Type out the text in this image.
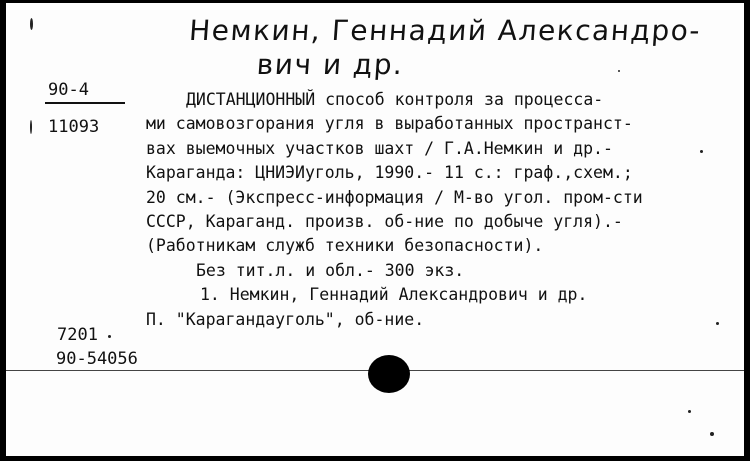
Немкин, Геннадий Александро-
вич и др.
90-4
11093
ДИСТАНЦИОННЫЙ способ контроля за процесса-
ми самовозгорания угля в выработанных пространст-
вах выемочных участков шахт / Г.А.Немкин и др.-
Караганда: ЦНИЭИуголь, 1990.- 11 с.: граф.,схем.;
20 см.- (Экспресс-информация / М-во угол. пром-сти
СССР, Караганд. произв. об-ние по добыче угля).-
(Работникам служб техники безопасности).
Без тит.л. и обл.- 300 экз.
1. Немкин, Геннадий Александрович и др.
П. "Карагандауголь", об-ние.
7201
90-54056
